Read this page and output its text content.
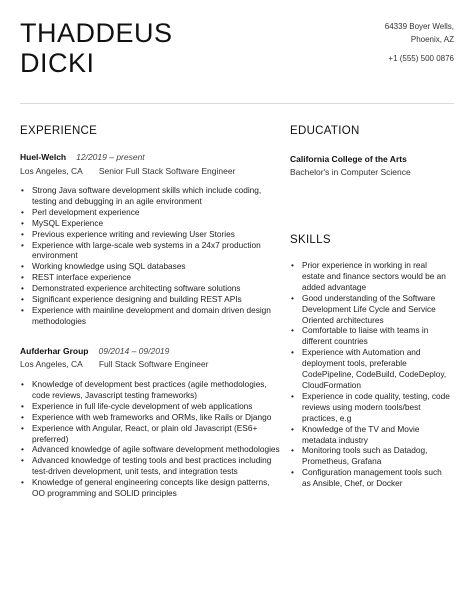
THADDEUS
DICKI
64339 Boyer Wells,
Phoenix, AZ
+1 (555) 500 0876
EXPERIENCE
Huel-Welch 12/2019 – present
Los Angeles, CA Senior Full Stack Software Engineer
• Strong Java software development skills which include coding, testing and debugging in an agile environment
• Perl development experience
• MySQL Experience
• Previous experience writing and reviewing User Stories
• Experience with large-scale web systems in a 24x7 production environment
• Working knowledge using SQL databases
• REST interface experience
• Demonstrated experience architecting software solutions
• Significant experience designing and building REST APIs
• Experience with mainline development and domain driven design methodologies
Aufderhar Group 09/2014 – 09/2019
Los Angeles, CA Full Stack Software Engineer
• Knowledge of development best practices (agile methodologies, code reviews, Javascript testing frameworks)
• Experience in full life-cycle development of web applications
• Experience with web frameworks and ORMs, like Rails or Django
• Experience with Angular, React, or plain old Javascript (ES6+ preferred)
• Advanced knowledge of agile software development methodologies
• Advanced knowledge of testing tools and best practices including test-driven development, unit tests, and integration tests
• Knowledge of general engineering concepts like design patterns, OO programming and SOLID principles
EDUCATION
California College of the Arts
Bachelor's in Computer Science
SKILLS
• Prior experience in working in real estate and finance sectors would be an added advantage
• Good understanding of the Software Development Life Cycle and Service Oriented architectures
• Comfortable to liaise with teams in different countries
• Experience with Automation and deployment tools, preferable CodePipeline, CodeBuild, CodeDeploy, CloudFormation
• Experience in code quality, testing, code reviews using modern tools/best practices, e.g
• Knowledge of the TV and Movie metadata industry
• Monitoring tools such as Datadog, Prometheus, Grafana
• Configuration management tools such as Ansible, Chef, or Docker
